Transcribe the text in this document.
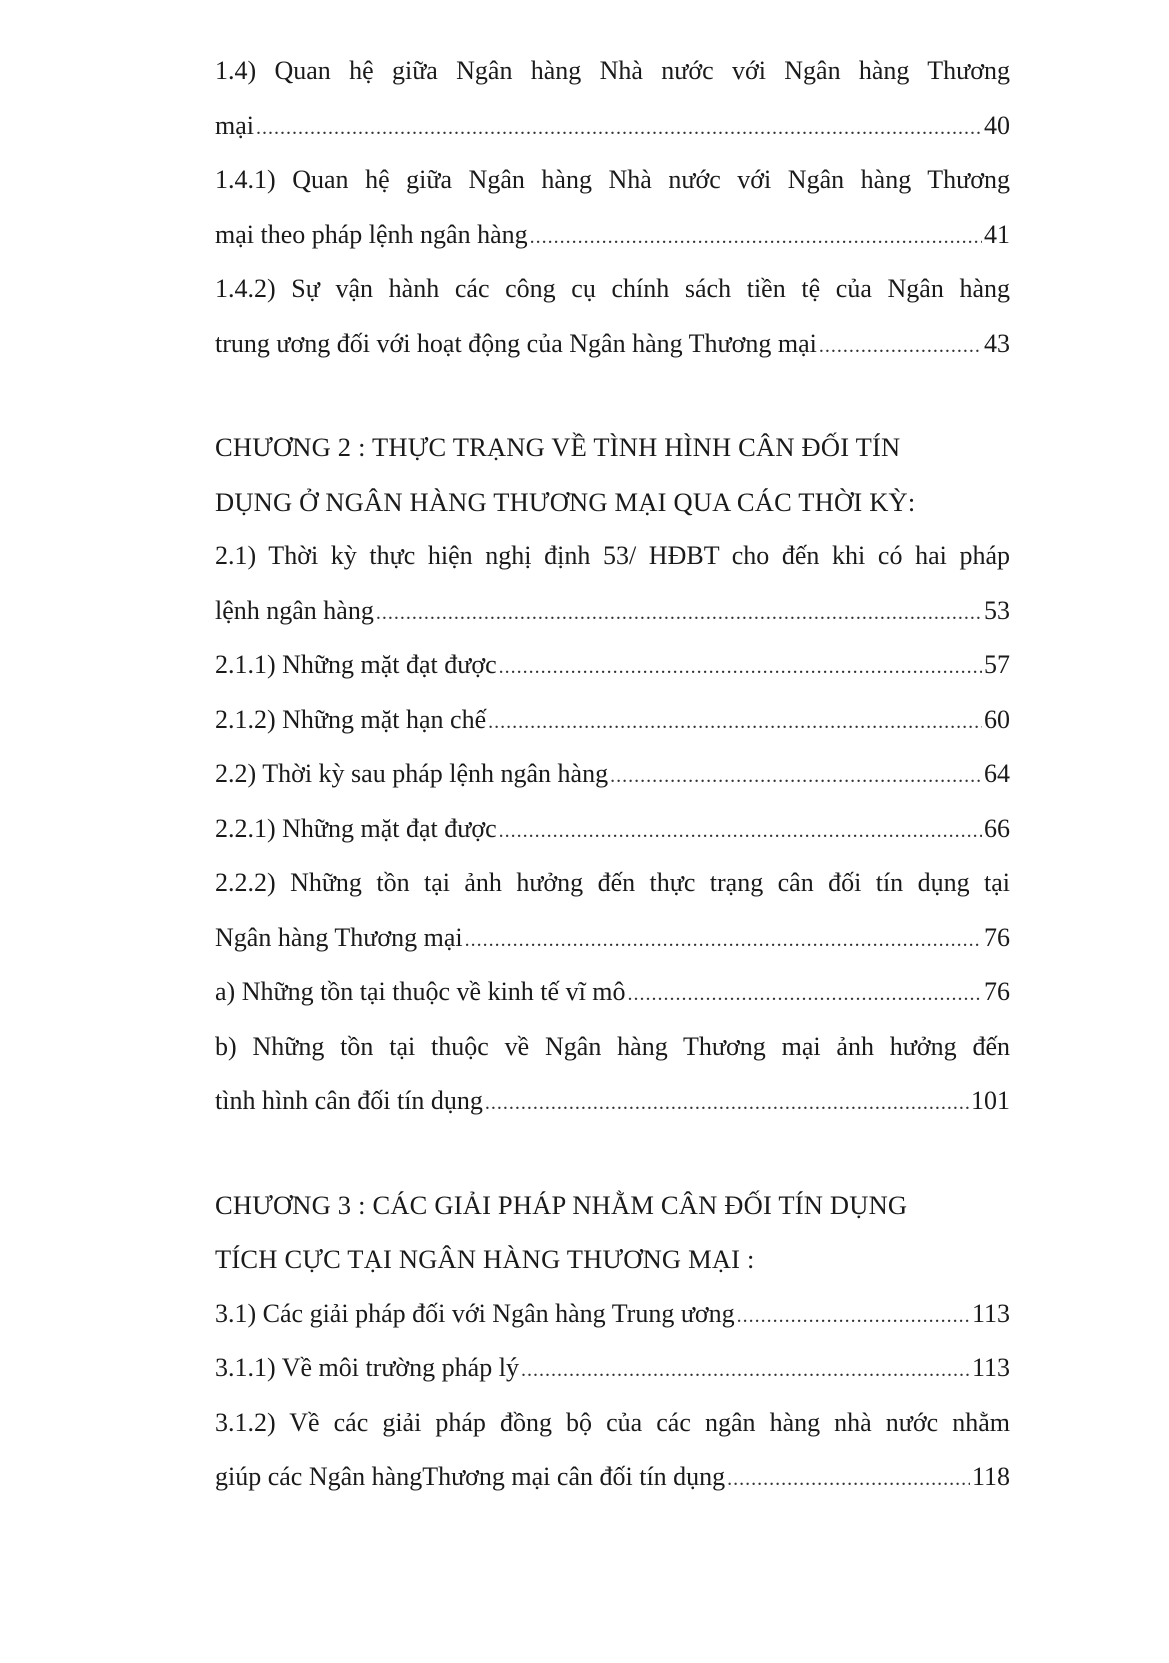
1.4) Quan hệ giữa Ngân hàng Nhà nước với Ngân hàng Thương
mại .....	40
1.4.1) Quan hệ giữa Ngân hàng Nhà nước với Ngân hàng Thương
mại theo pháp lệnh ngân hàng .....	41
1.4.2) Sự vận hành các công cụ chính sách tiền tệ của Ngân hàng
trung ương đối với hoạt động của Ngân hàng Thương mại .....	43
CHƯƠNG 2 : THỰC TRẠNG VỀ TÌNH HÌNH CÂN ĐỐI TÍN
DỤNG Ở NGÂN HÀNG THƯƠNG MẠI QUA CÁC THỜI KỲ:
2.1) Thời kỳ thực hiện nghị định 53/ HĐBT cho đến khi có hai pháp
lệnh ngân hàng .....	53
2.1.1) Những mặt đạt được .....	57
2.1.2) Những mặt hạn chế .....	60
2.2) Thời kỳ sau pháp lệnh ngân hàng .....	64
2.2.1) Những mặt đạt được .....	66
2.2.2) Những tồn tại ảnh hưởng đến thực trạng cân đối tín dụng tại
Ngân hàng Thương mại .....	76
a) Những tồn tại thuộc về kinh tế vĩ mô .....	76
b) Những tồn tại thuộc về Ngân hàng Thương mại ảnh hưởng đến
tình hình cân đối tín dụng .....	101
CHƯƠNG 3 : CÁC GIẢI PHÁP NHẰM CÂN ĐỐI TÍN DỤNG
TÍCH CỰC TẠI NGÂN HÀNG THƯƠNG MẠI :
3.1) Các giải pháp đối với Ngân hàng Trung ương .....	113
3.1.1) Về môi trường pháp lý .....	113
3.1.2) Về các giải pháp đồng bộ của các ngân hàng nhà nước nhằm
giúp các Ngân hàngThương mại cân đối tín dụng .....	118
